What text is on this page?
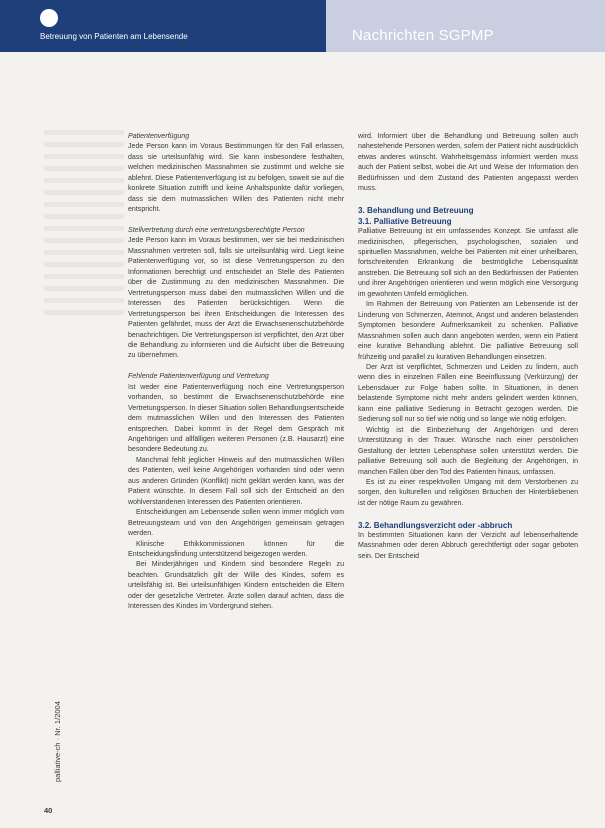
Betreuung von Patienten am Lebensende	Nachrichten SGPMP

Patientenverfügung

Jede Person kann im Voraus Bestimmungen für den Fall erlassen, dass sie urteilsunfähig wird. Sie kann insbesondere festhalten, welchen medizinischen Massnahmen sie zustimmt und welche sie ablehnt. Diese Patientenverfügung ist zu befolgen, soweit sie auf die konkrete Situation zutrifft und keine Anhaltspunkte dafür vorliegen, dass sie dem mutmasslichen Willen des Patienten nicht mehr entspricht.

Stellvertretung durch eine vertretungsberechtigte Person

Jede Person kann im Voraus bestimmen, wer sie bei medizinischen Massnahmen vertreten soll, falls sie urteilsunfähig wird. Liegt keine Patientenverfügung vor, so ist diese Vertretungsperson zu den Informationen berechtigt und entscheidet an Stelle des Patienten über die Zustimmung zu den medizinischen Massnahmen. Die Vertretungsperson muss dabei den mutmasslichen Willen und die Interessen des Patienten berücksichtigen. Wenn die Vertretungsperson bei ihren Entscheidungen die Interessen des Patienten gefährdet, muss der Arzt die Erwachsenenschutzbehörde benachrichtigen. Die Vertretungsperson ist verpflichtet, den Arzt über die Behandlung zu informieren und die Aufsicht über die Betreuung zu übernehmen.

Fehlende Patientenverfügung und Vertretung

Ist weder eine Patientenverfügung noch eine Vertretungsperson vorhanden, so bestimmt die Erwachsenenschutzbehörde eine Vertretungsperson. In dieser Situation sollen Behandlungsentscheide dem mutmasslichen Willen und den Interessen des Patienten entsprechen. Dabei kommt in der Regel dem Gespräch mit Angehörigen und allfälligen weiteren Personen (z.B. Hausarzt) eine besondere Bedeutung zu.

Manchmal fehlt jeglicher Hinweis auf den mutmasslichen Willen des Patienten, weil keine Angehörigen vorhanden sind oder wenn aus anderen Gründen (Konflikt) nicht geklärt werden kann, was der Patient wünschte. In diesem Fall soll sich der Entscheid an den wohlverstandenen Interessen des Patienten orientieren.

Entscheidungen am Lebensende sollen wenn immer möglich vom Betreuungsteam und von den Angehörigen gemeinsam getragen werden.

Klinische Ethikkommissionen können für die Entscheidungsfindung unterstützend beigezogen werden.

Bei Minderjährigen und Kindern sind besondere Regeln zu beachten. Grundsätzlich gilt der Wille des Kindes, sofern es urteilsfähig ist. Bei urteilsunfähigen Kindern entscheiden die Eltern oder der gesetzliche Vertreter. Ärzte sollen darauf achten, dass die Interessen des Kindes im Vordergrund stehen.

wird. Informiert über die Behandlung und Betreuung sollen auch nahestehende Personen werden, sofern der Patient nicht ausdrücklich etwas anderes wünscht. Wahrheitsgemäss informiert werden muss auch der Patient selbst, wobei die Art und Weise der Information den Bedürfnissen und dem Zustand des Patienten angepasst werden muss.

3. Behandlung und Betreuung

3.1. Palliative Betreuung

Palliative Betreuung ist ein umfassendes Konzept. Sie umfasst alle medizinischen, pflegerischen, psychologischen, sozialen und spirituellen Massnahmen, welche bei Patienten mit einer unheilbaren, fortschreitenden Erkrankung die bestmögliche Lebensqualität anstreben. Die Betreuung soll sich an den Bedürfnissen der Patienten und ihrer Angehörigen orientieren und wenn möglich eine Versorgung im gewohnten Umfeld ermöglichen.

Im Rahmen der Betreuung von Patienten am Lebensende ist der Linderung von Schmerzen, Atemnot, Angst und anderen belastenden Symptomen besondere Aufmerksamkeit zu schenken. Palliative Massnahmen sollen auch dann angeboten werden, wenn ein Patient eine kurative Behandlung ablehnt. Die palliative Betreuung soll frühzeitig und parallel zu kurativen Behandlungen einsetzen.

Der Arzt ist verpflichtet, Schmerzen und Leiden zu lindern, auch wenn dies in einzelnen Fällen eine Beeinflussung (Verkürzung) der Lebensdauer zur Folge haben sollte. In Situationen, in denen belastende Symptome nicht mehr anders gelindert werden können, kann eine palliative Sedierung in Betracht gezogen werden. Die Sedierung soll nur so tief wie nötig und so lange wie nötig erfolgen.

Wichtig ist die Einbeziehung der Angehörigen und deren Unterstützung in der Trauer. Wünsche nach einer persönlichen Gestaltung der letzten Lebensphase sollen unterstützt werden. Die palliative Betreuung soll auch die Begleitung der Angehörigen, in manchen Fällen über den Tod des Patienten hinaus, umfassen.

Es ist zu einer respektvollen Umgang mit dem Verstorbenen zu sorgen, den kulturellen und religiösen Bräuchen der Hinterbliebenen ist der nötige Raum zu gewähren.

3.2. Behandlungsverzicht oder -abbruch

In bestimmten Situationen kann der Verzicht auf lebenserhaltende Massnahmen oder deren Abbruch gerechtfertigt oder sogar geboten sein. Der Entscheid

palliative-ch · Nr. 1/2004
40
